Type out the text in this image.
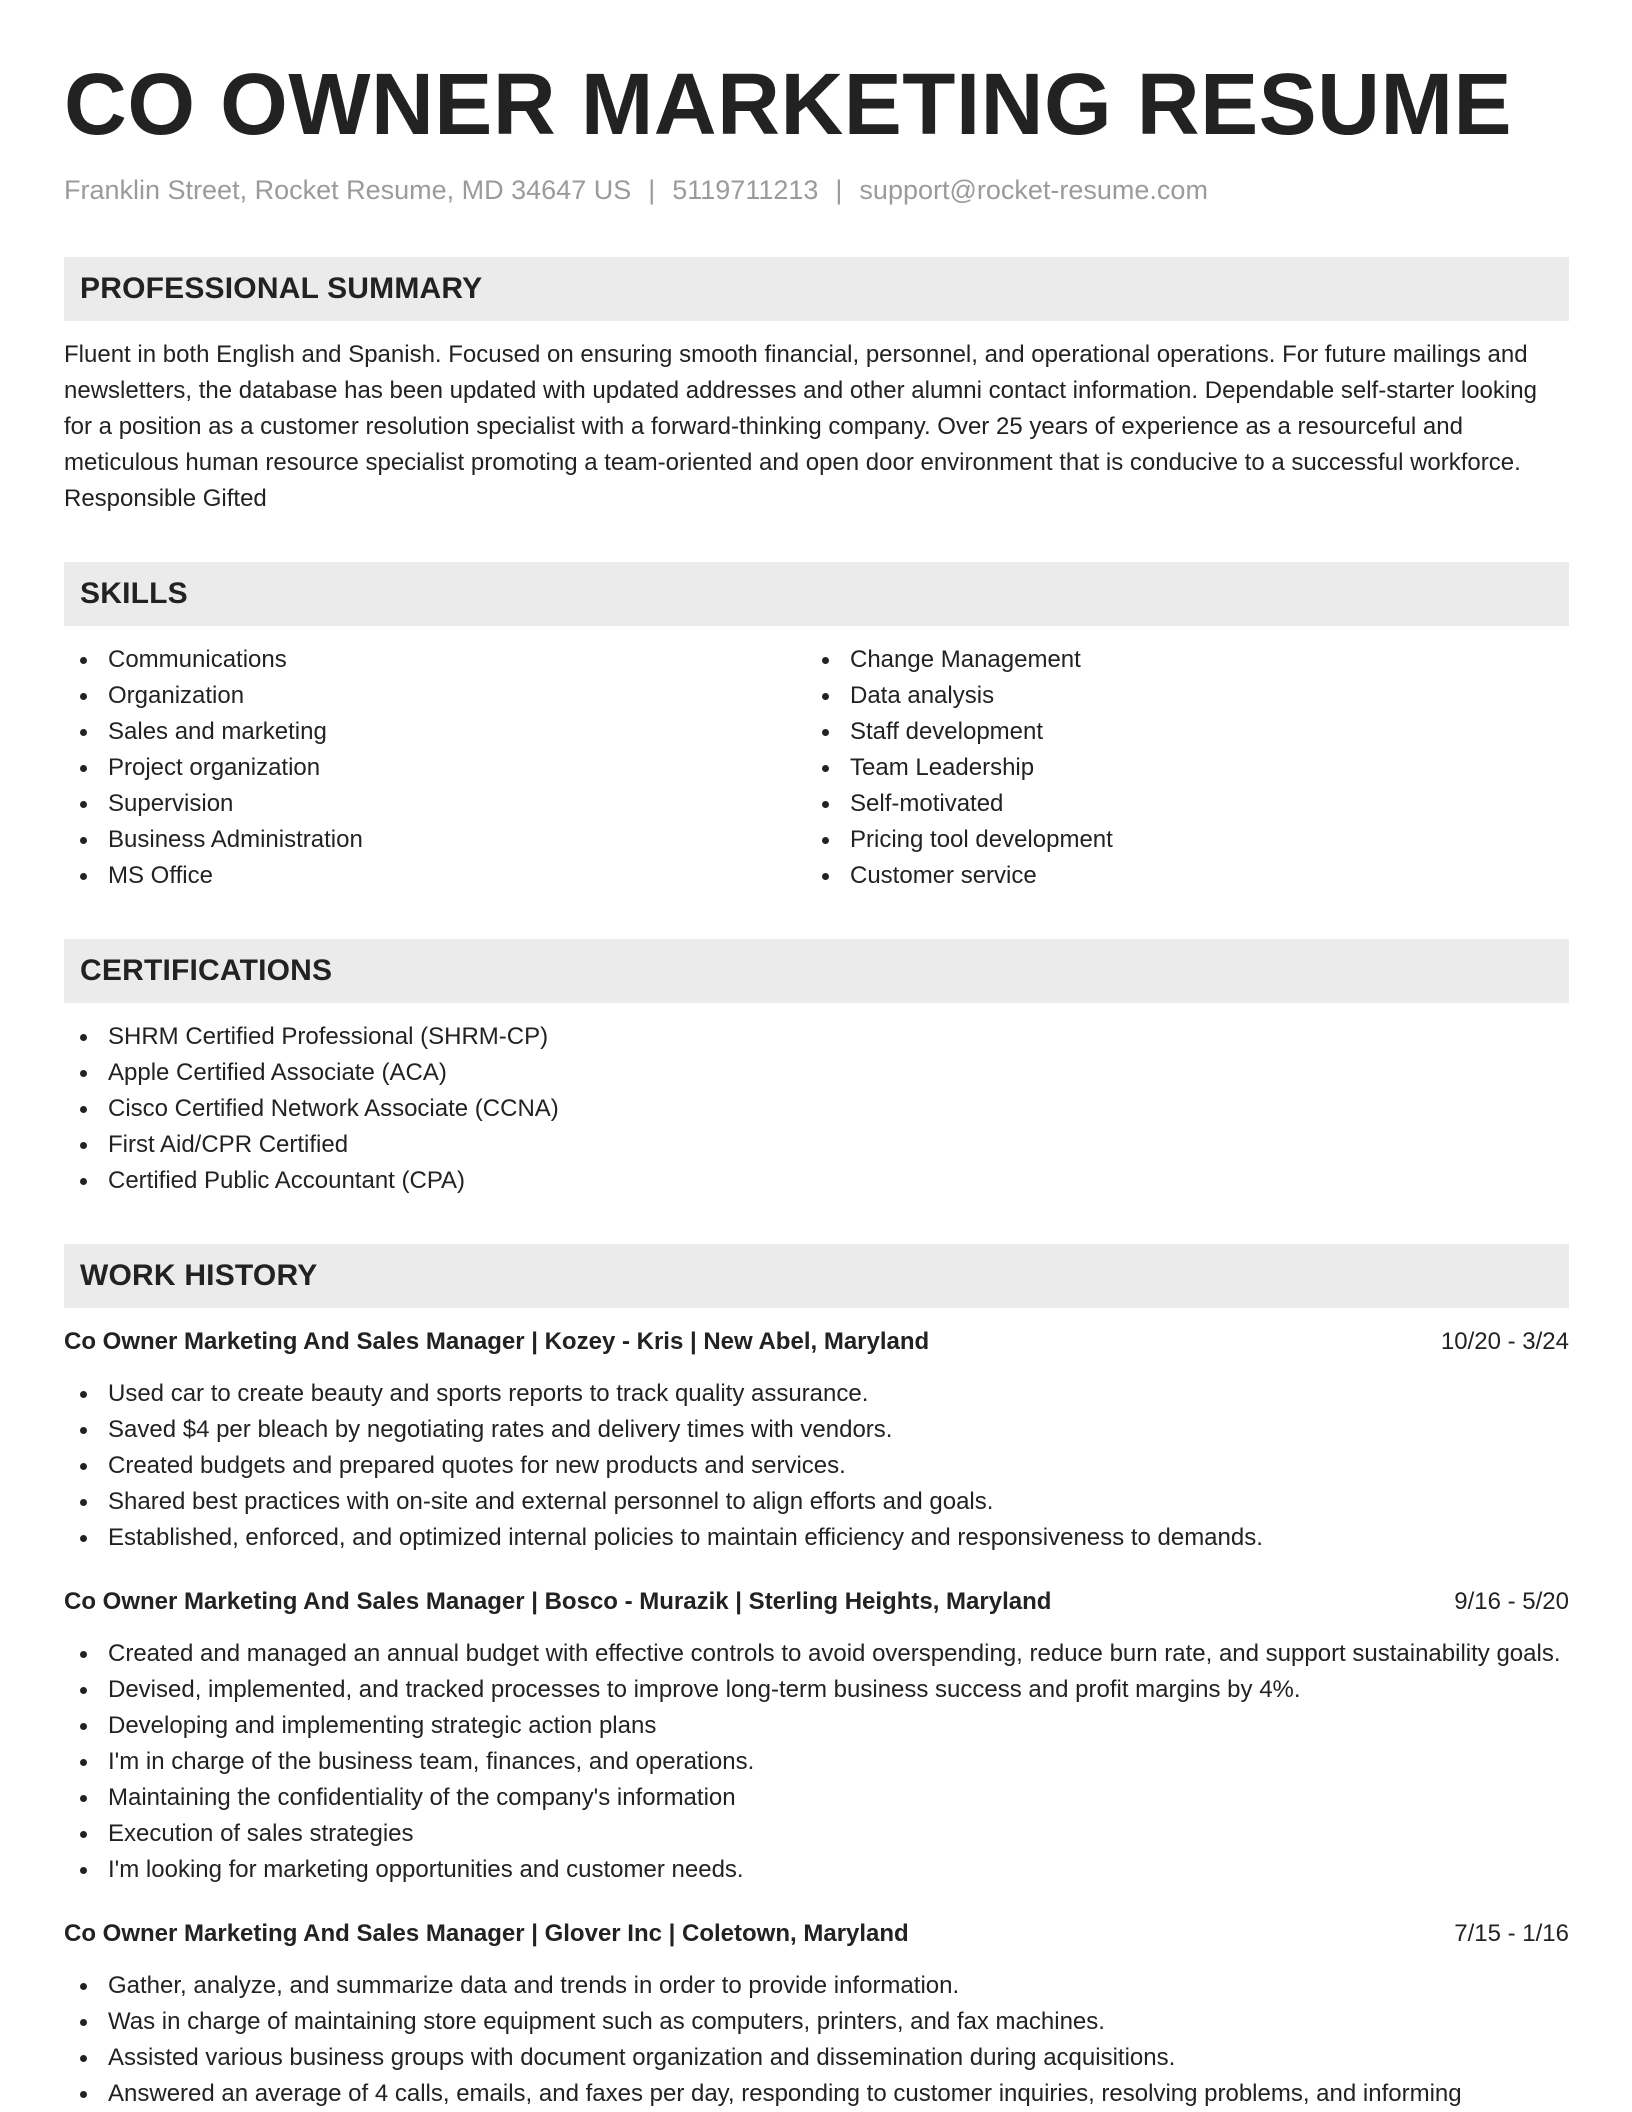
CO OWNER MARKETING RESUME
Franklin Street, Rocket Resume, MD 34647 US | 5119711213 | support@rocket-resume.com
PROFESSIONAL SUMMARY

Fluent in both English and Spanish. Focused on ensuring smooth financial, personnel, and operational operations. For future mailings and newsletters, the database has been updated with updated addresses and other alumni contact information. Dependable self-starter looking for a position as a customer resolution specialist with a forward-thinking company. Over 25 years of experience as a resourceful and meticulous human resource specialist promoting a team-oriented and open door environment that is conducive to a successful workforce. Responsible Gifted

SKILLS
Communications
Organization
Sales and marketing
Project organization
Supervision
Business Administration
MS Office
Change Management
Data analysis
Staff development
Team Leadership
Self-motivated
Pricing tool development
Customer service
CERTIFICATIONS
SHRM Certified Professional (SHRM-CP)
Apple Certified Associate (ACA)
Cisco Certified Network Associate (CCNA)
First Aid/CPR Certified
Certified Public Accountant (CPA)
WORK HISTORY
Co Owner Marketing And Sales Manager | Kozey - Kris | New Abel, Maryland	10/20 - 3/24
Used car to create beauty and sports reports to track quality assurance.
Saved $4 per bleach by negotiating rates and delivery times with vendors.
Created budgets and prepared quotes for new products and services.
Shared best practices with on-site and external personnel to align efforts and goals.
Established, enforced, and optimized internal policies to maintain efficiency and responsiveness to demands.
Co Owner Marketing And Sales Manager | Bosco - Murazik | Sterling Heights, Maryland	9/16 - 5/20
Created and managed an annual budget with effective controls to avoid overspending, reduce burn rate, and support sustainability goals.
Devised, implemented, and tracked processes to improve long-term business success and profit margins by 4%.
Developing and implementing strategic action plans
I'm in charge of the business team, finances, and operations.
Maintaining the confidentiality of the company's information
Execution of sales strategies
I'm looking for marketing opportunities and customer needs.
Co Owner Marketing And Sales Manager | Glover Inc | Coletown, Maryland	7/15 - 1/16
Gather, analyze, and summarize data and trends in order to provide information.
Was in charge of maintaining store equipment such as computers, printers, and fax machines.
Assisted various business groups with document organization and dissemination during acquisitions.
Answered an average of 4 calls, emails, and faxes per day, responding to customer inquiries, resolving problems, and informing
